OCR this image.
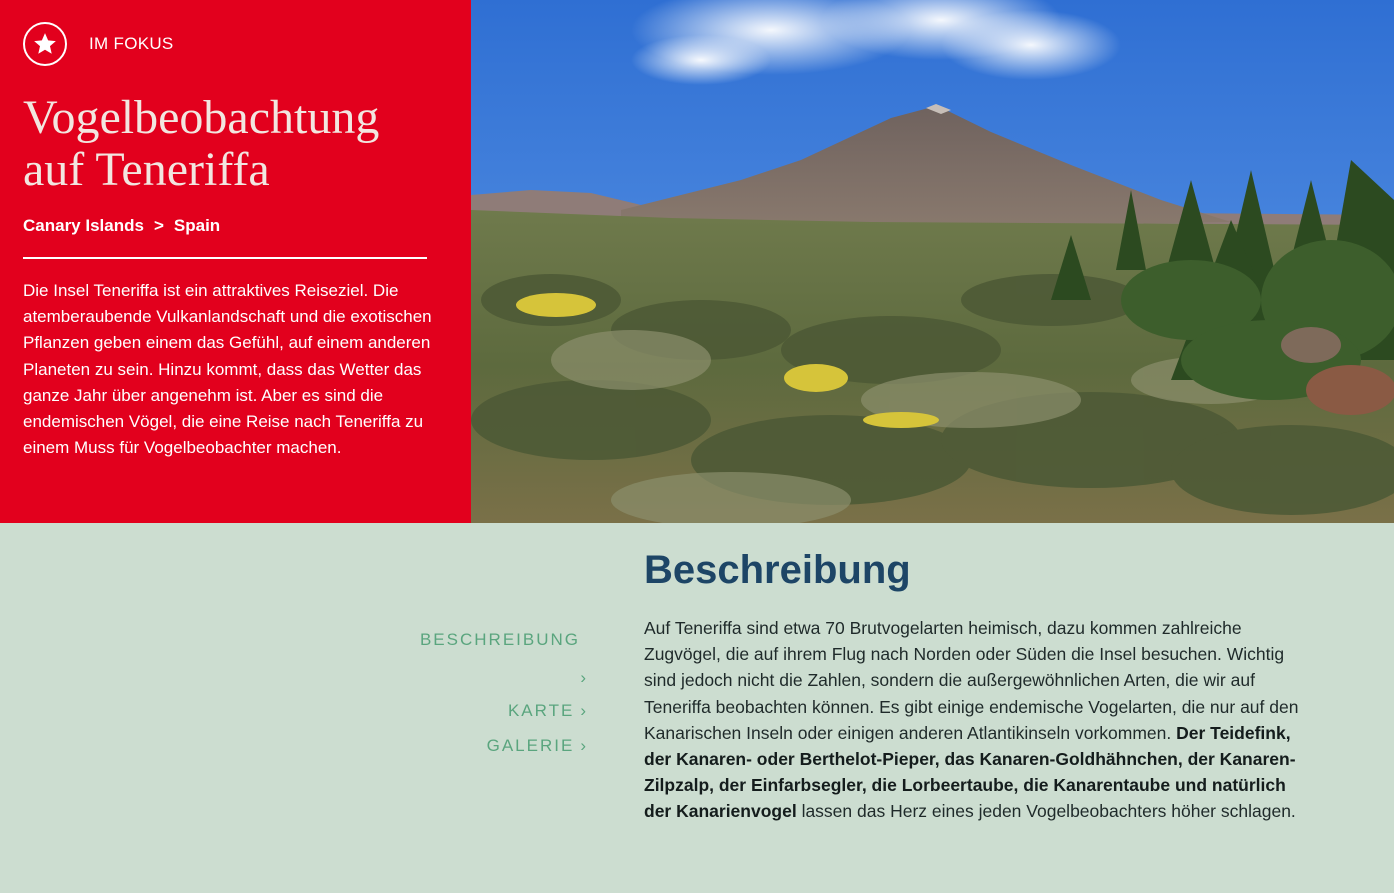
IM FOKUS
Vogelbeobachtung
auf Teneriffa
Canary Islands > Spain

Die Insel Teneriffa ist ein attraktives Reiseziel. Die atemberaubende Vulkanlandschaft und die exotischen Pflanzen geben einem das Gefühl, auf einem anderen Planeten zu sein. Hinzu kommt, dass das Wetter das ganze Jahr über angenehm ist. Aber es sind die endemischen Vögel, die eine Reise nach Teneriffa zu einem Muss für Vogelbeobachter machen.

BESCHREIBUNG
›
KARTE ›
GALERIE ›
Beschreibung

Auf Teneriffa sind etwa 70 Brutvogelarten heimisch, dazu kommen zahlreiche Zugvögel, die auf ihrem Flug nach Norden oder Süden die Insel besuchen. Wichtig sind jedoch nicht die Zahlen, sondern die außergewöhnlichen Arten, die wir auf Teneriffa beobachten können. Es gibt einige endemische Vogelarten, die nur auf den Kanarischen Inseln oder einigen anderen Atlantikinseln vorkommen. Der Teidefink, der Kanaren- oder Berthelot-Pieper, das Kanaren-Goldhähnchen, der Kanaren-Zilpzalp, der Einfarbsegler, die Lorbeertaube, die Kanarentaube und natürlich der Kanarienvogel lassen das Herz eines jeden Vogelbeobachters höher schlagen.
